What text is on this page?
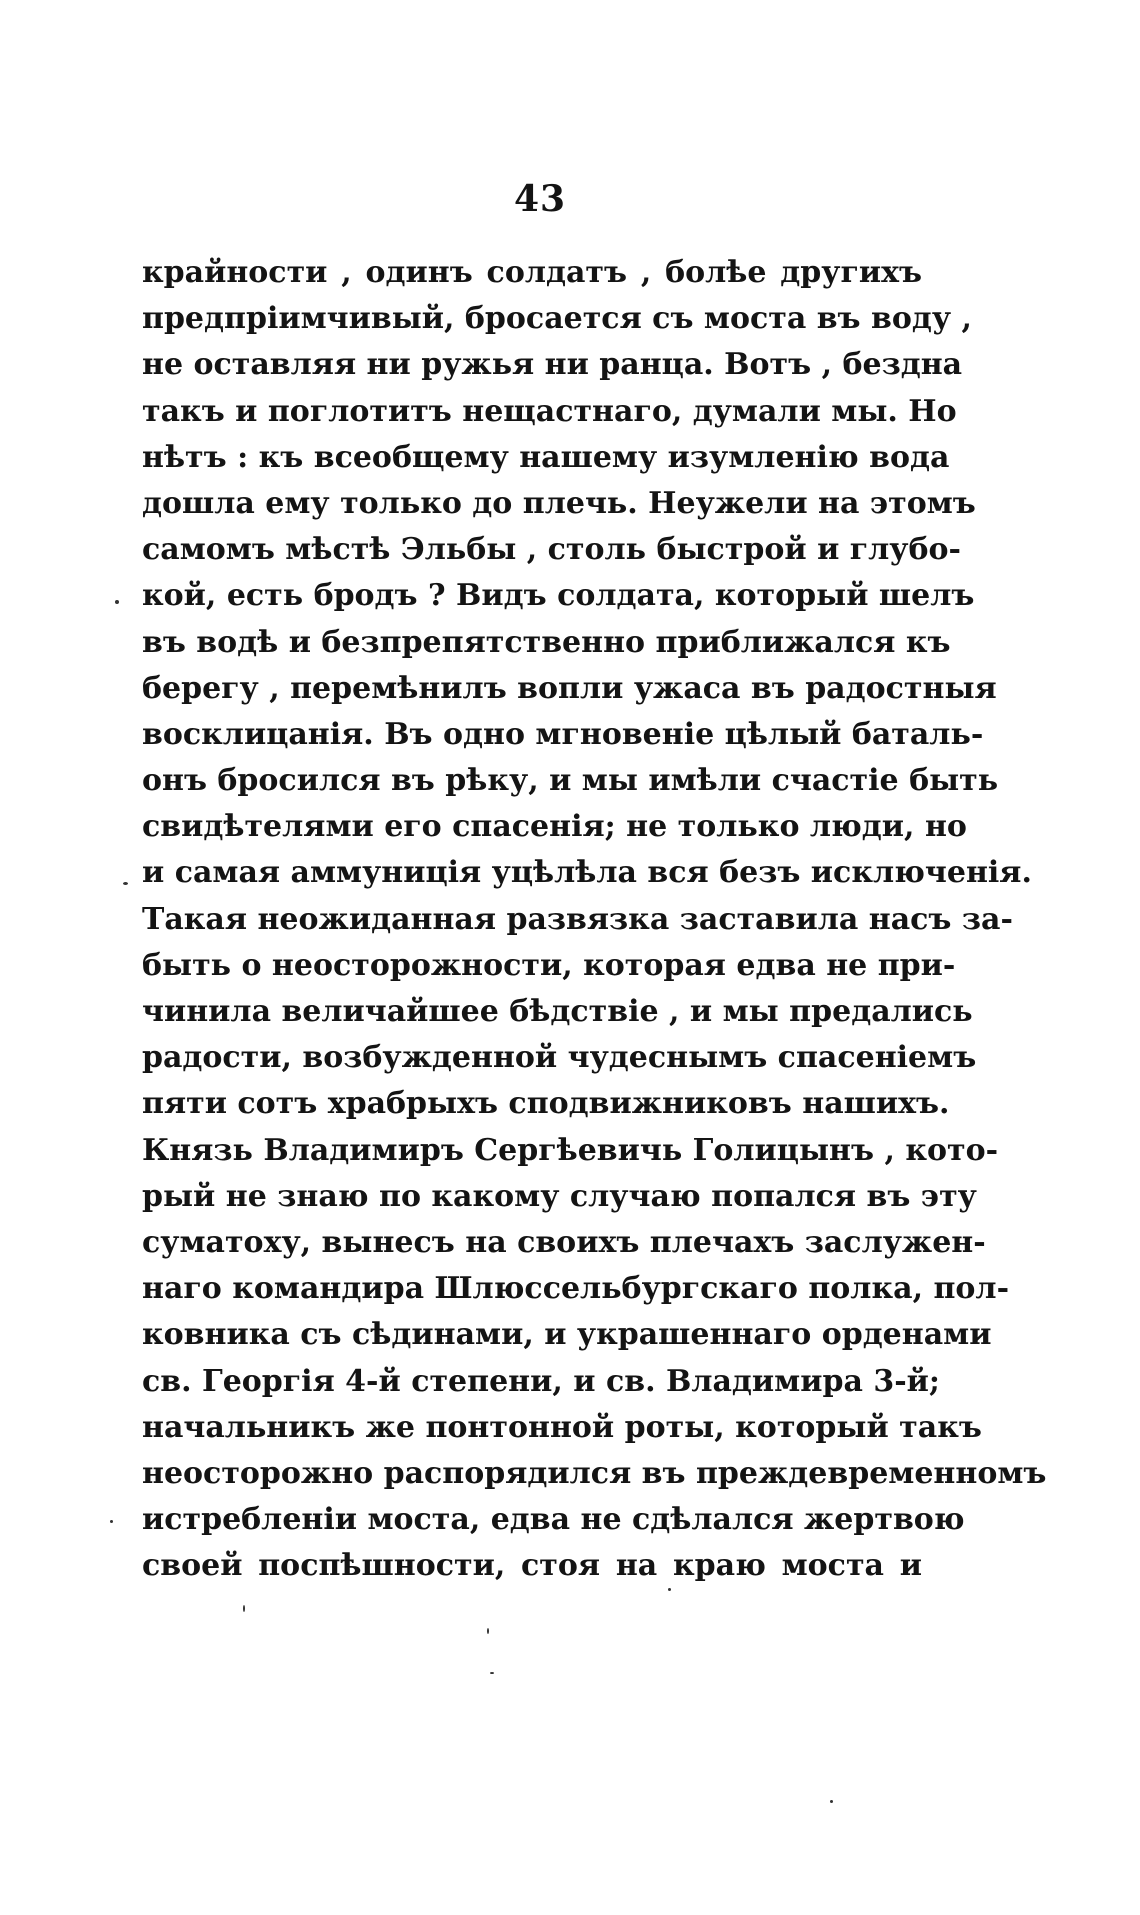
43
крайности , одинъ солдатъ , болѣе другихъ
предпріимчивый, бросается съ моста въ воду ,
не оставляя ни ружья ни ранца. Вотъ , бездна
такъ и поглотитъ нещастнаго, думали мы. Но
нѣтъ : къ всеобщему нашему изумленію вода
дошла ему только до плечь. Неужели на этомъ
самомъ мѣстѣ Эльбы , столь быстрой и глубо-
кой, есть бродъ ? Видъ солдата, который шелъ
въ водѣ и безпрепятственно приближался къ
берегу , перемѣнилъ вопли ужаса въ радостныя
восклицанія. Въ одно мгновеніе цѣлый баталь-
онъ бросился въ рѣку, и мы имѣли счастіе быть
свидѣтелями его спасенія; не только люди, но
и самая аммуниція уцѣлѣла вся безъ исключенія.
Такая неожиданная развязка заставила насъ за-
быть о неосторожности, которая едва не при-
чинила величайшее бѣдствіе , и мы предались
радости, возбужденной чудеснымъ спасеніемъ
пяти сотъ храбрыхъ сподвижниковъ нашихъ.
Князь Владимиръ Сергѣевичь Голицынъ , кото-
рый не знаю по какому случаю попался въ эту
суматоху, вынесъ на своихъ плечахъ заслужен-
наго командира Шлюссельбургскаго полка, пол-
ковника съ сѣдинами, и украшеннаго орденами
св. Георгія 4-й степени, и св. Владимира 3-й;
начальникъ же понтонной роты, который такъ
неосторожно распорядился въ преждевременномъ
истребленіи моста, едва не сдѣлался жертвою
своей поспѣшности, стоя на краю моста и
